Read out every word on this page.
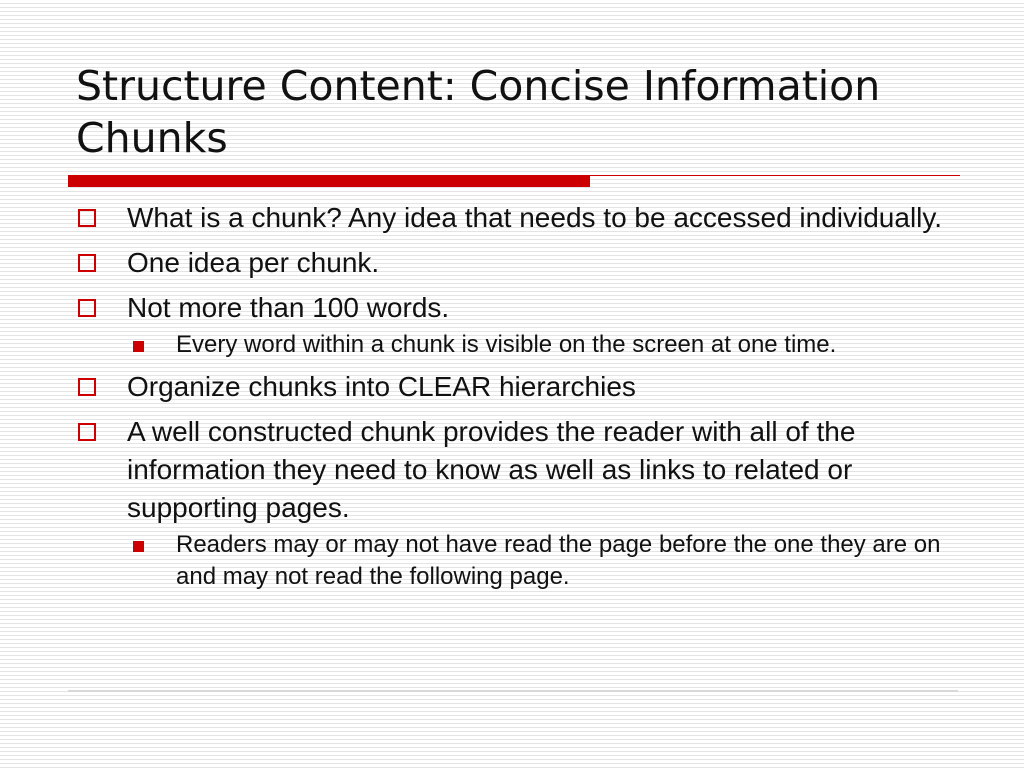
Structure Content: Concise Information Chunks
What is a chunk? Any idea that needs to be accessed individually.
One idea per chunk.
Not more than 100 words.
Every word within a chunk is visible on the screen at one time.
Organize chunks into CLEAR hierarchies
A well constructed chunk provides the reader with all of the information they need to know as well as links to related or supporting pages.
Readers may or may not have read the page before the one they are on and may not read the following page.
